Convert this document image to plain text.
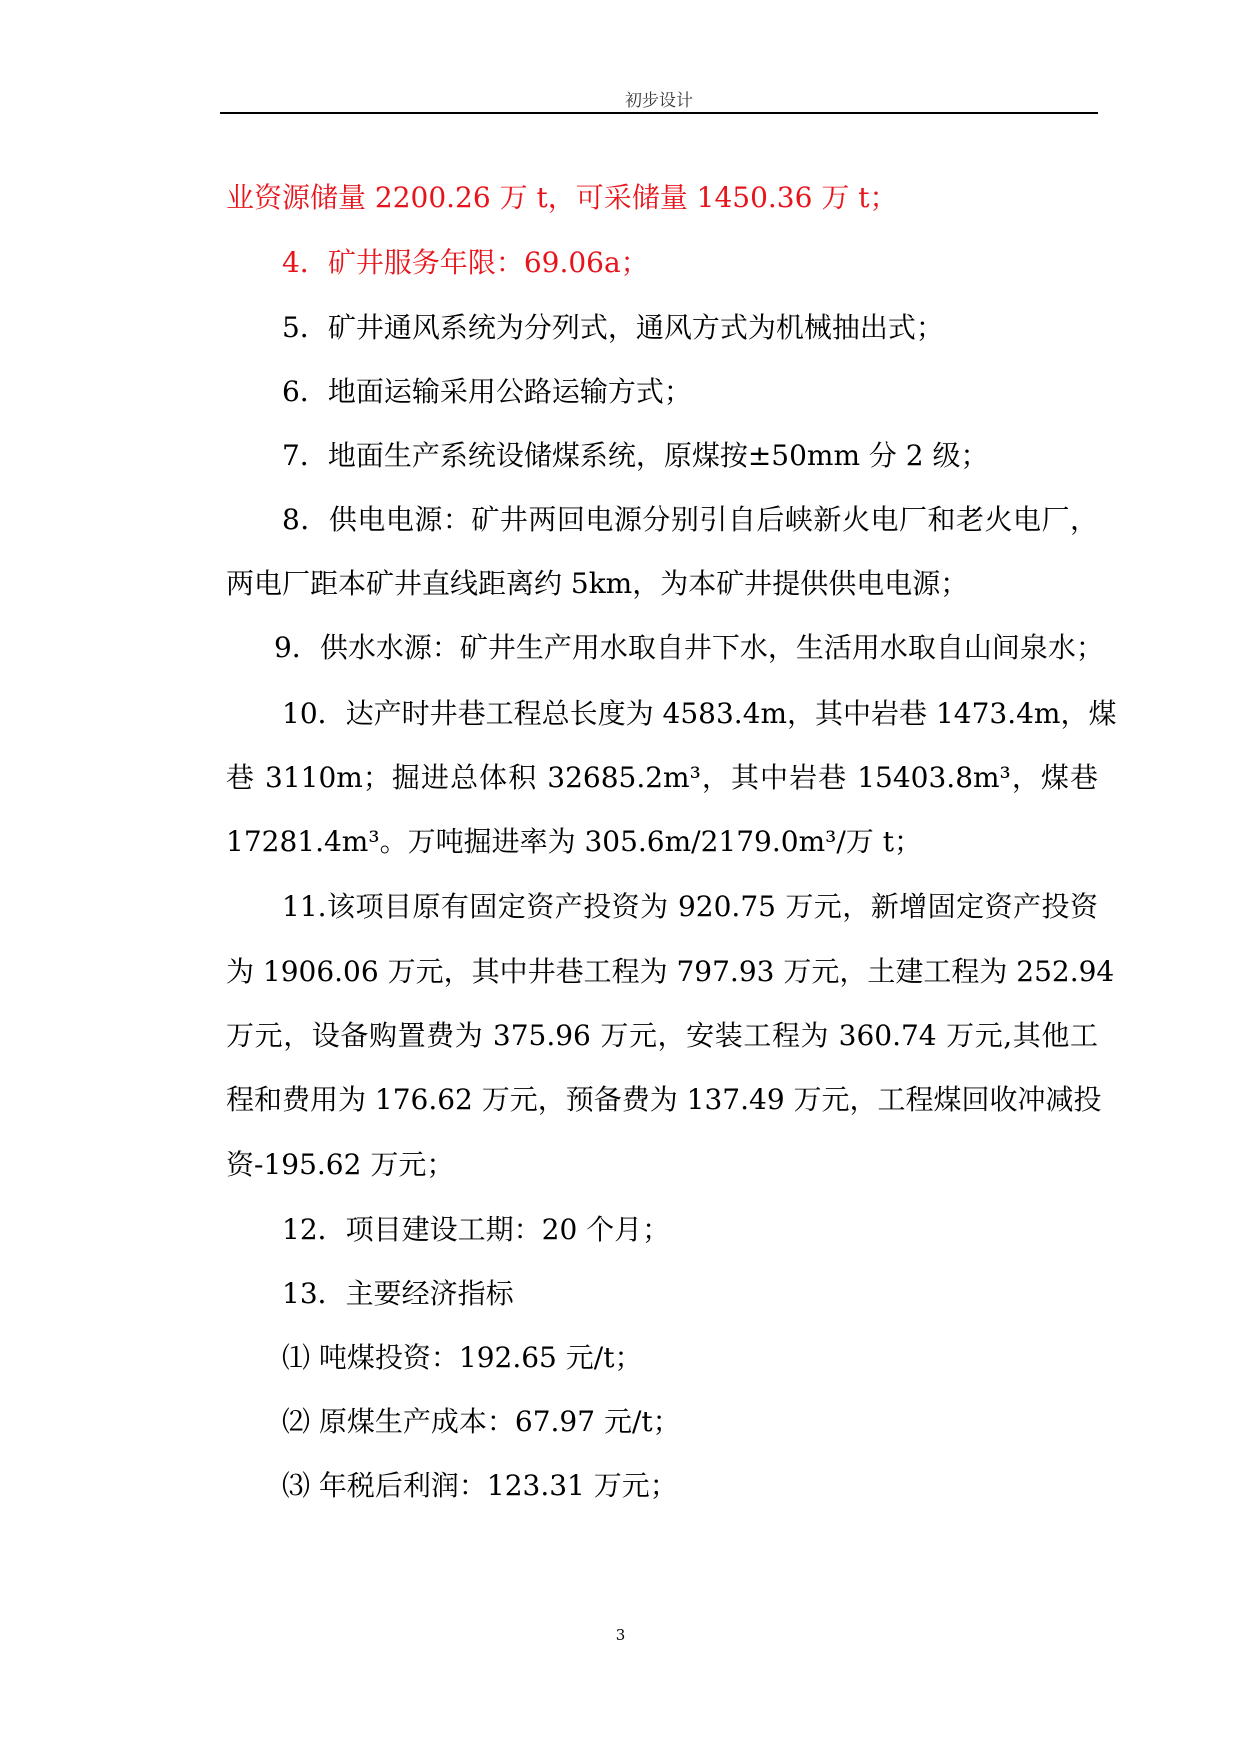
初步设计
业资源储量 2200.26 万 t，可采储量 1450.36 万 t；
4．矿井服务年限：69.06a；
5．矿井通风系统为分列式，通风方式为机械抽出式；
6．地面运输采用公路运输方式；
7．地面生产系统设储煤系统，原煤按±50mm 分 2 级；
8．供电电源：矿井两回电源分别引自后峡新火电厂和老火电厂，
两电厂距本矿井直线距离约 5km，为本矿井提供供电电源；
9．供水水源：矿井生产用水取自井下水，生活用水取自山间泉水；
10．达产时井巷工程总长度为 4583.4m，其中岩巷 1473.4m，煤
巷 3110m；掘进总体积 32685.2m³，其中岩巷 15403.8m³，煤巷
17281.4m³。万吨掘进率为 305.6m/2179.0m³/万 t；
11.该项目原有固定资产投资为 920.75 万元，新增固定资产投资
为 1906.06 万元，其中井巷工程为 797.93 万元，土建工程为 252.94
万元，设备购置费为 375.96 万元，安装工程为 360.74 万元,其他工
程和费用为 176.62 万元，预备费为 137.49 万元，工程煤回收冲减投
资-195.62 万元；
12．项目建设工期：20 个月；
13．主要经济指标
⑴ 吨煤投资：192.65 元/t；
⑵ 原煤生产成本：67.97 元/t；
⑶ 年税后利润：123.31 万元；
3
